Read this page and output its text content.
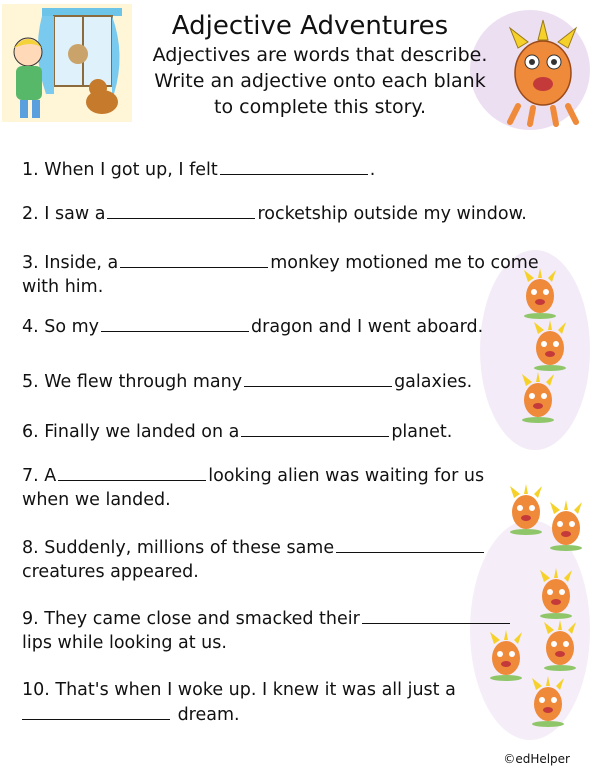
Adjective Adventures
Adjectives are words that describe.
Write an adjective onto each blank
to complete this story.
1. When I got up, I felt	.
2. I saw a	rocketship outside my window.
3. Inside, a	monkey motioned me to come
with him.
4. So my	dragon and I went aboard.
5. We flew through many	galaxies.
6. Finally we landed on a	planet.
7. A	looking alien was waiting for us
when we landed.
8. Suddenly, millions of these same
creatures appeared.
9. They came close and smacked their
lips while looking at us.
10. That's when I woke up. I knew it was all just a
dream.
©edHelper
